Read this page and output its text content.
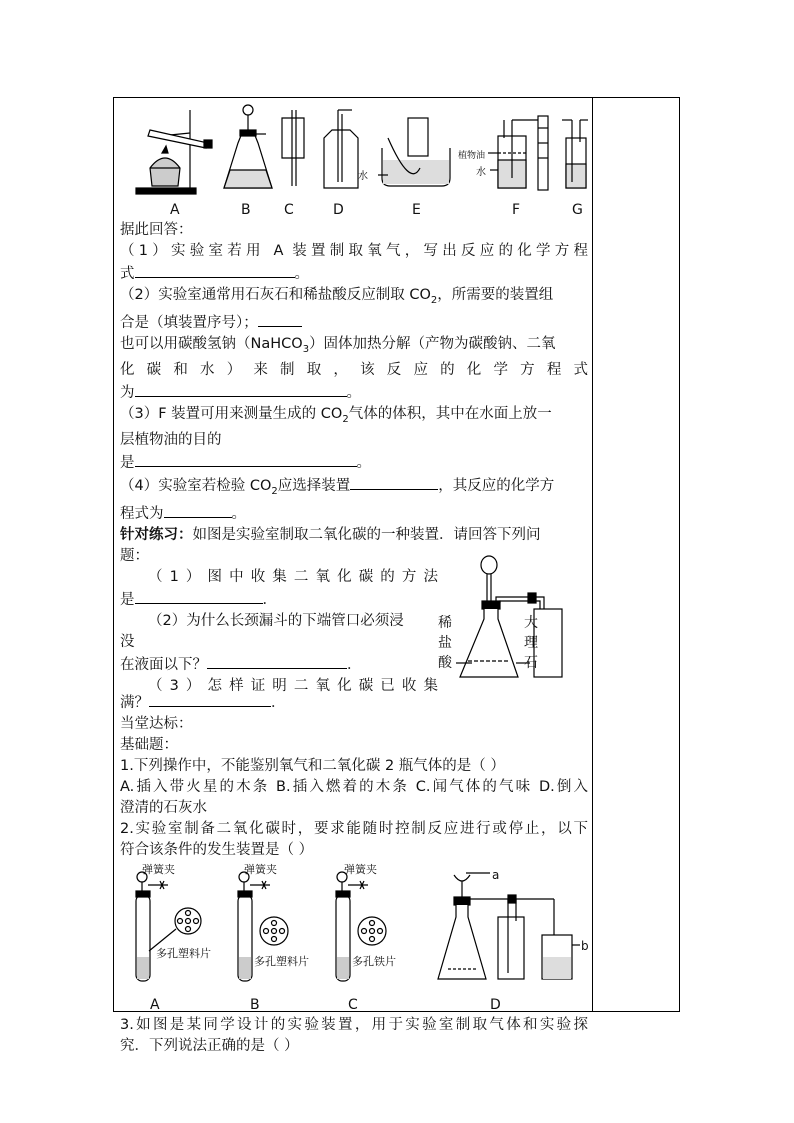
水
植物油
水
A	B C	D	E	F	G
据此回答：
（1）实验室若用 A 装置制取氧气，写出反应的化学方程
式	。
（2）实验室通常用石灰石和稀盐酸反应制取 $CO_2$，所需要的装置组
合是（填装置序号）；
也可以用碳酸氢钠（NaHCO$_3$）固体加热分解（产物为碳酸钠、二氧
化碳和水）来制取，该反应的化学方程式
为	。
（3）F 装置可用来测量生成的 $CO_2$气体的体积，其中在水面上放一
层植物油的目的
是	。
（4）实验室若检验 $CO_2$应选择装置	，其反应的化学方
程式为	。
针对练习：如图是实验室制取二氧化碳的一种装置．请回答下列问
题：
（1）图中收集二氧化碳的方法
是	．
（2）为什么长颈漏斗的下端管口必须浸
没
在液面以下？	．
（3）怎样证明二氧化碳已收集
稀
盐
酸
大
理
石
满？	．
当堂达标：
基础题：
1.下列操作中，不能鉴别氧气和二氧化碳 2 瓶气体的是（ ）
A.插入带火星的木条 B.插入燃着的木条 C.闻气体的气味 D.倒入
澄清的石灰水
2.实验室制备二氧化碳时，要求能随时控制反应进行或停止，以下
符合该条件的发生装置是（ ）
弹簧夹	弹簧夹	弹簧夹
多孔塑料片
多孔塑料片	多孔铁片
a
b
A	B	C	D
3.如图是某同学设计的实验装置，用于实验室制取气体和实验探
究．下列说法正确的是（ ）
